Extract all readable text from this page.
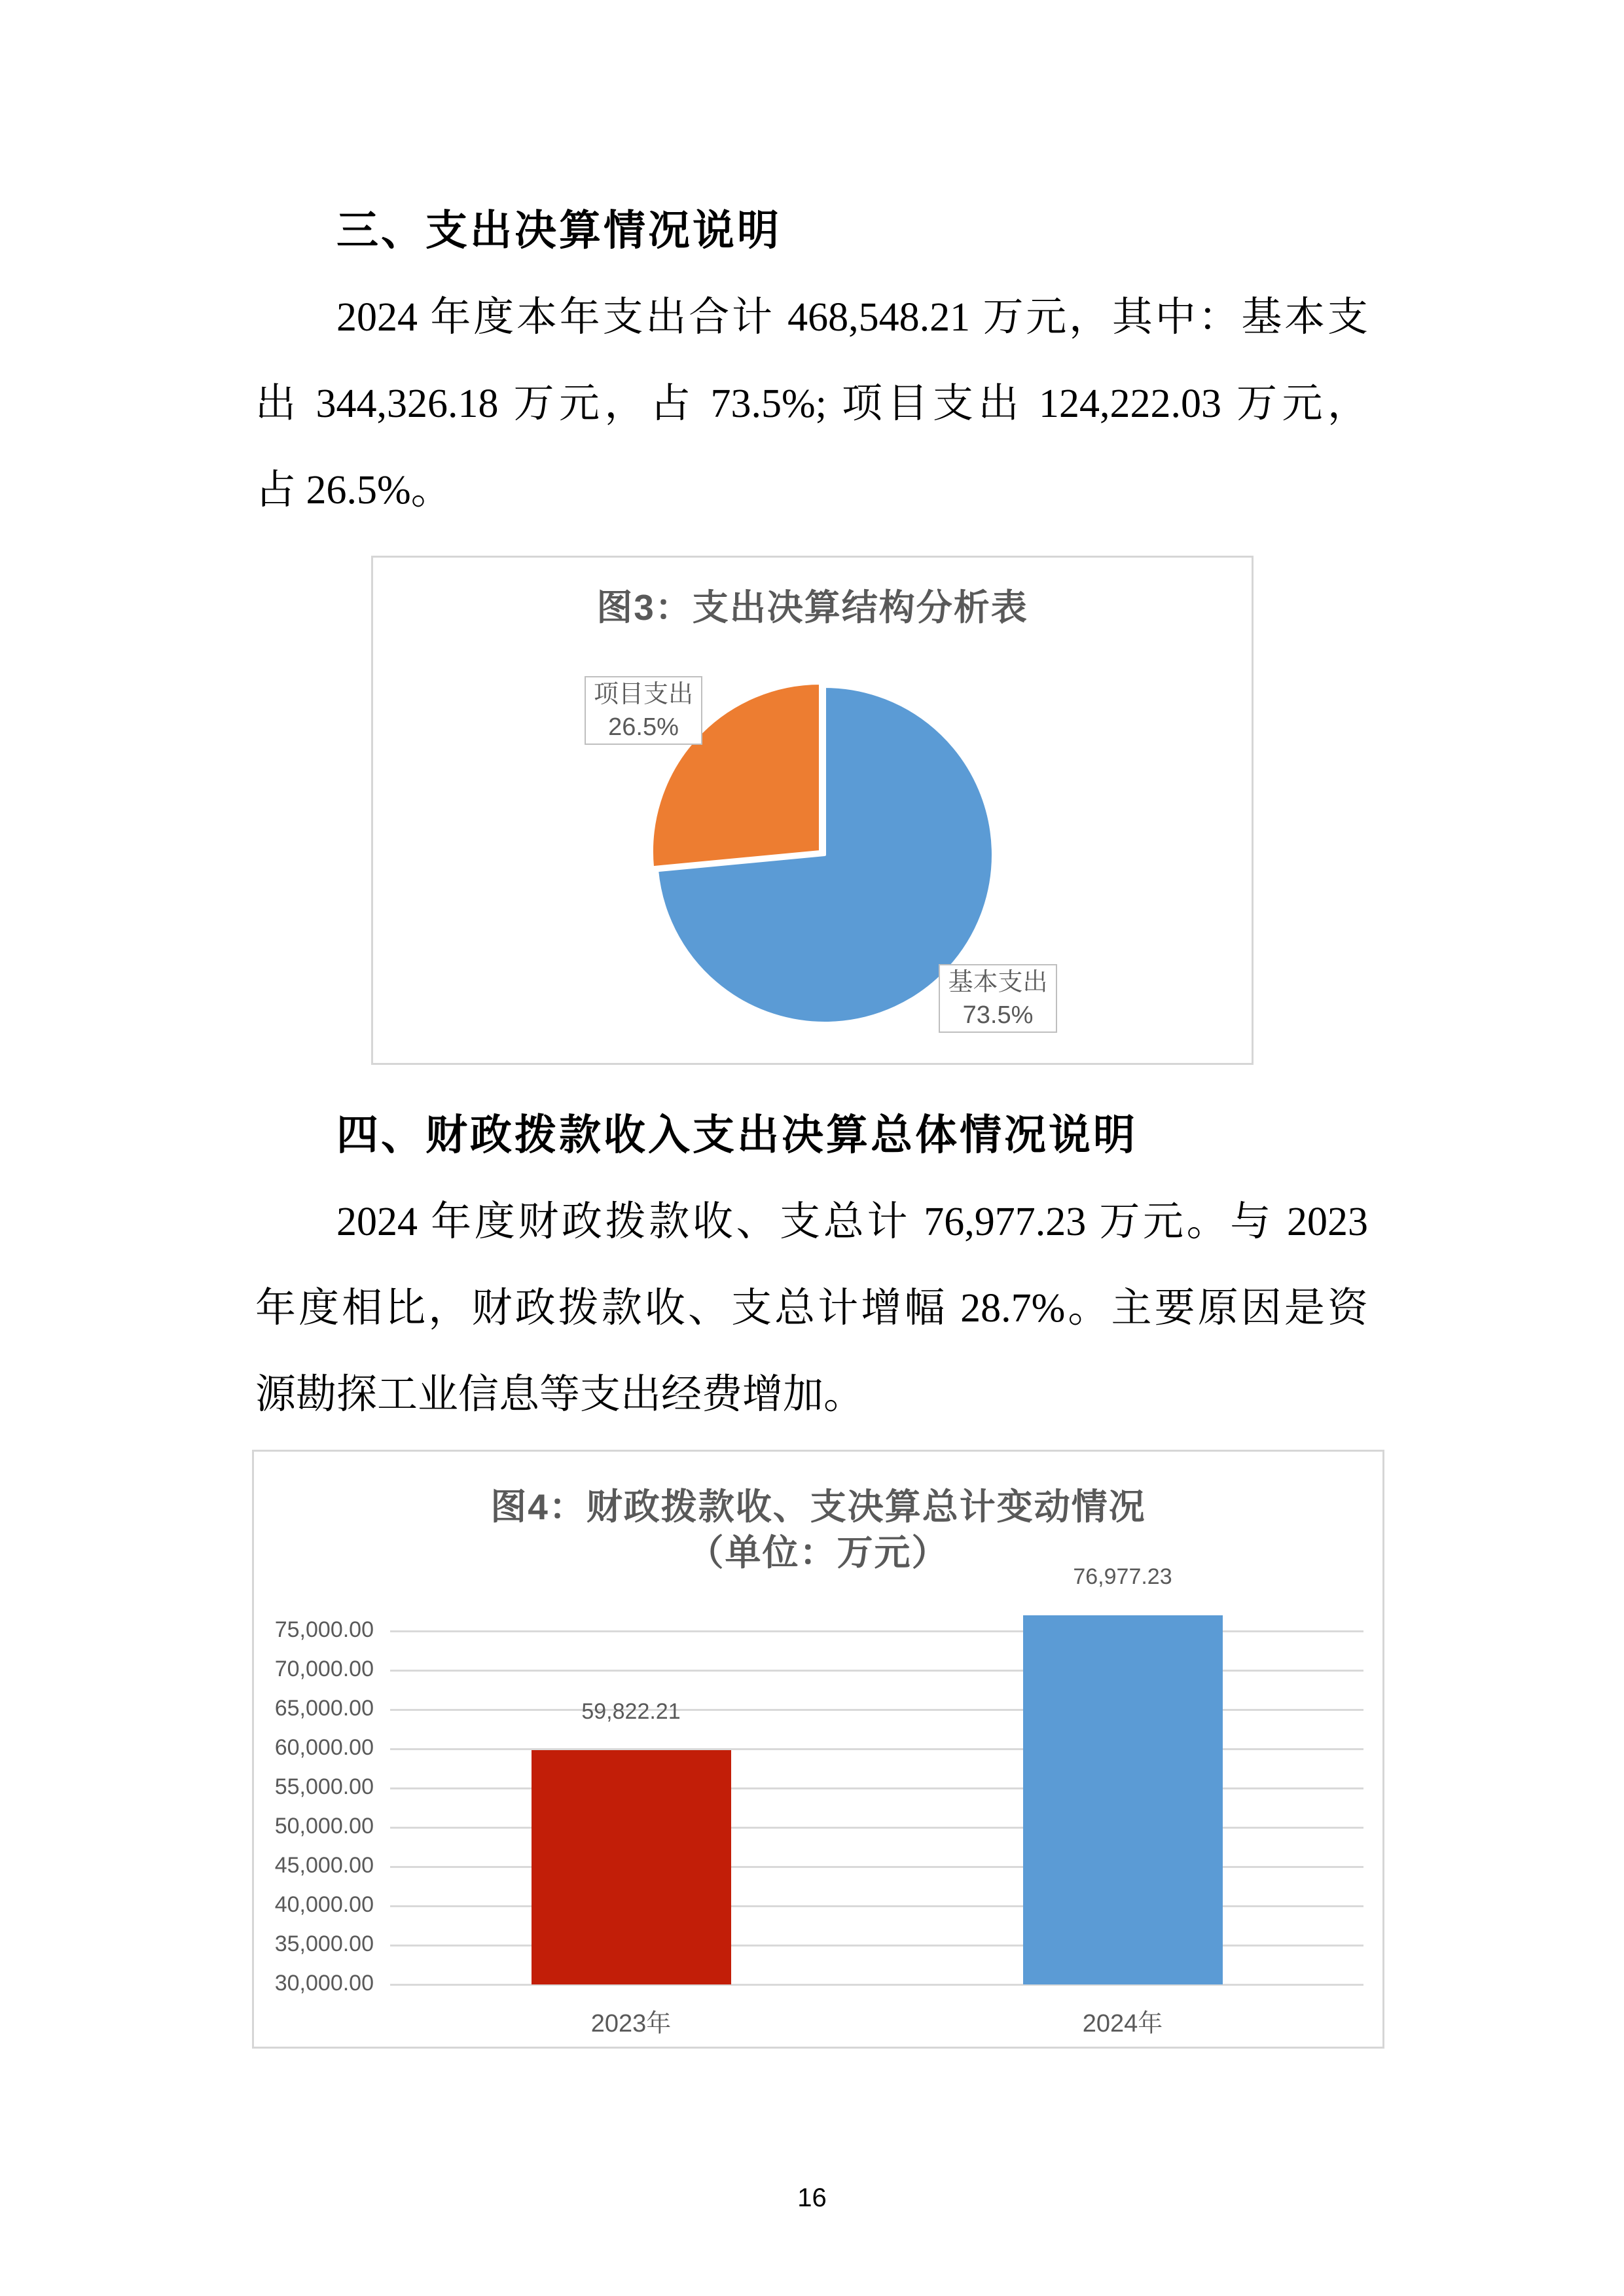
三、支出决算情况说明
2024 年度本年支出合计 468,548.21 万元，其中：基本支
出 344,326.18 万元，占 73.5%; 项目支出 124,222.03 万元，
占 26.5%。
图3：支出决算结构分析表
项目支出
26.5%
基本支出
73.5%
四、财政拨款收入支出决算总体情况说明
2024 年度财政拨款收、支总计 76,977.23 万元。与 2023
年度相比，财政拨款收、支总计增幅 28.7%。主要原因是资
源勘探工业信息等支出经费增加。
图4：财政拨款收、支决算总计变动情况
（单位：万元）
75,000.00
70,000.00
65,000.00
60,000.00
55,000.00
50,000.00
45,000.00
40,000.00
35,000.00
30,000.00
59,822.21
2023年
76,977.23
2024年
16
